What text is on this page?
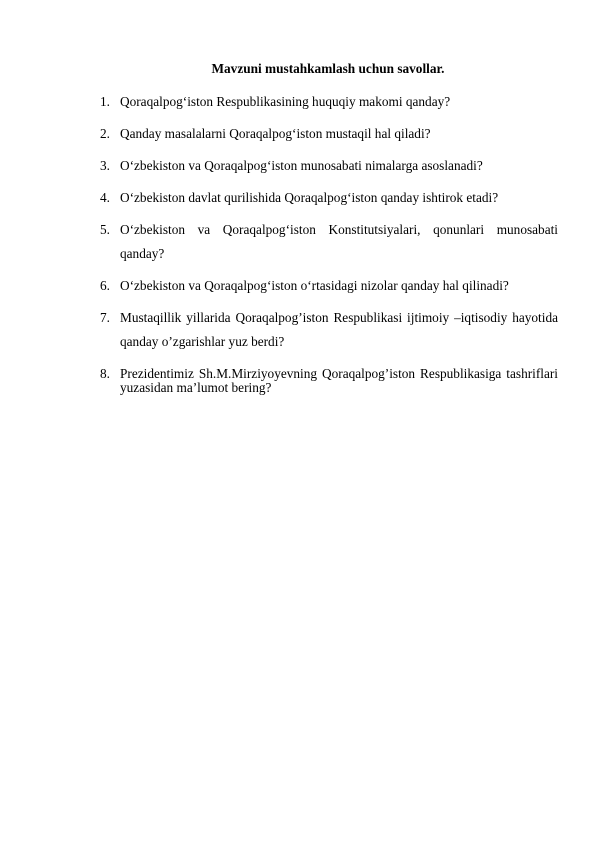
Mavzuni mustahkamlash uchun savollar.
1. Qoraqalpog‘iston Respublikasining huquqiy makomi qanday?
2. Qanday masalalarni Qoraqalpog‘iston mustaqil hal qiladi?
3. O‘zbekiston va Qoraqalpog‘iston munosabati nimalarga asoslanadi?
4. O‘zbekiston davlat qurilishida Qoraqalpog‘iston qanday ishtirok etadi?
5. O‘zbekiston va Qoraqalpog‘iston Konstitutsiyalari, qonunlari munosabati qanday?
6. O‘zbekiston va Qoraqalpog‘iston o‘rtasidagi nizolar qanday hal qilinadi?
7. Mustaqillik yillarida Qoraqalpog’iston Respublikasi ijtimoiy –iqtisodiy hayotida qanday o’zgarishlar yuz berdi?
8. Prezidentimiz Sh.M.Mirziyoyevning Qoraqalpog’iston Respublikasiga tashriflari yuzasidan ma’lumot bering?
